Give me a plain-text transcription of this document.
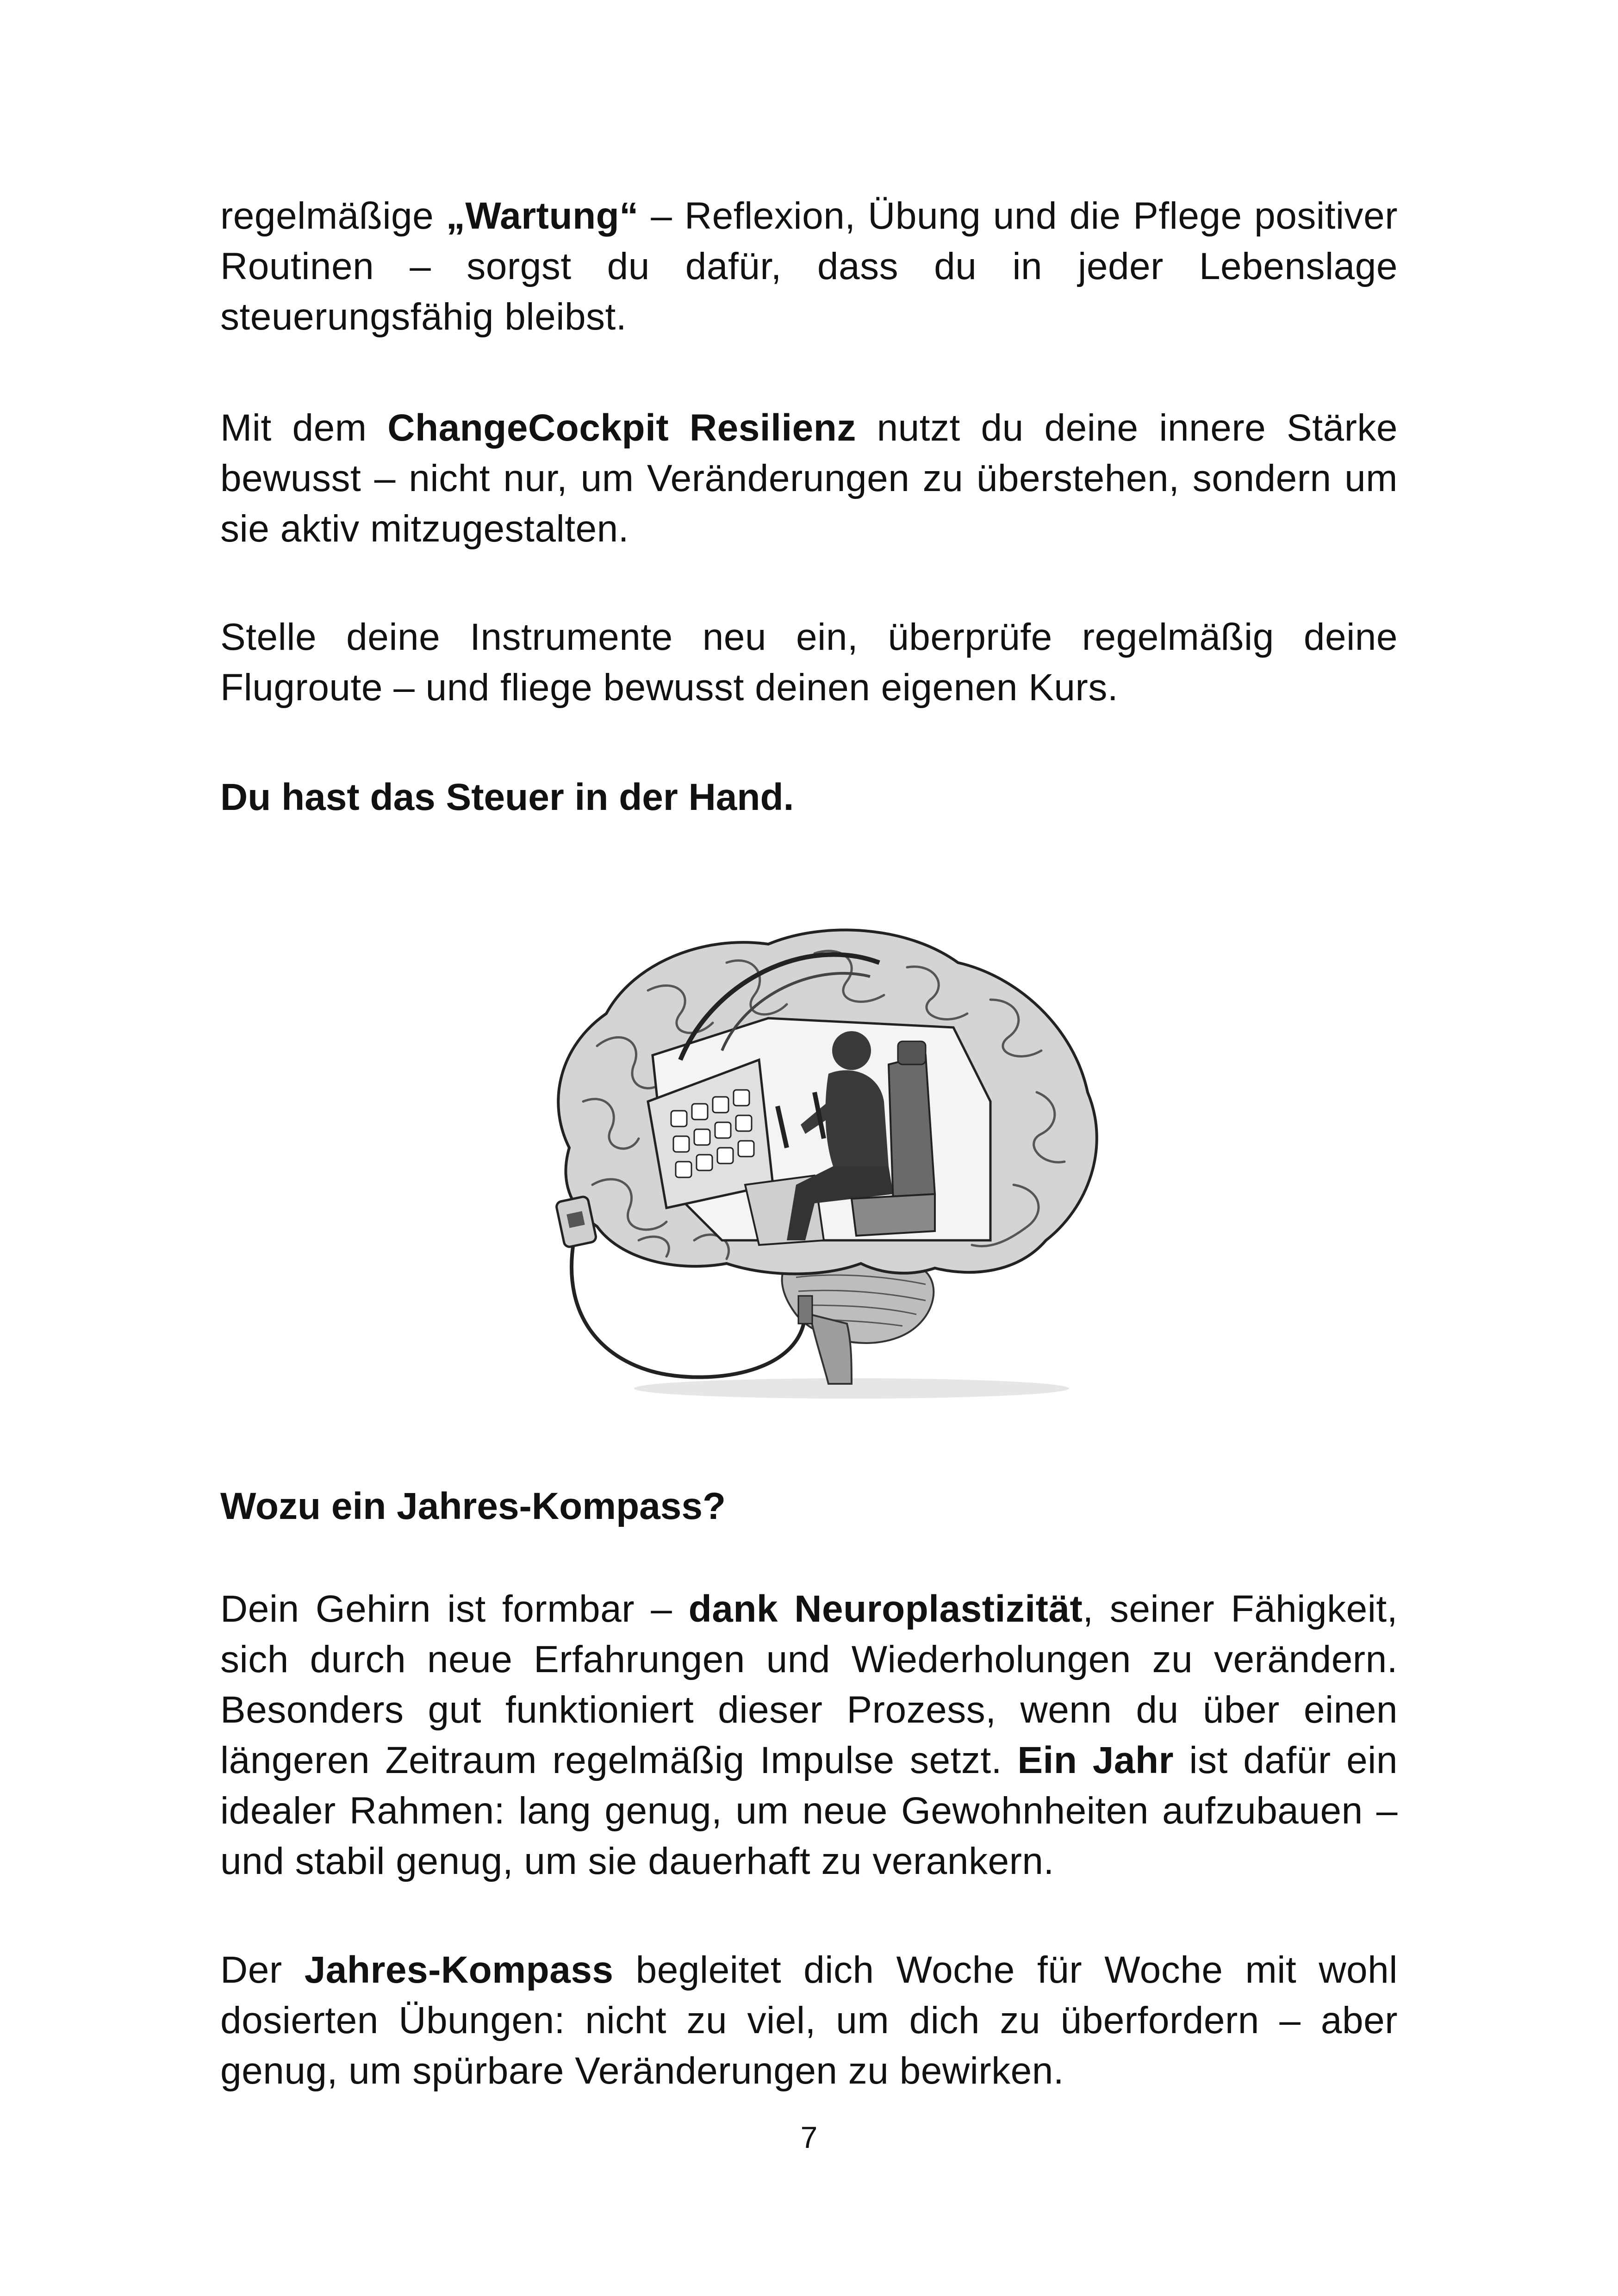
regelmäßige „Wartung“ – Reflexion, Übung und die Pflege positiver Routinen – sorgst du dafür, dass du in jeder Lebenslage steuerungsfähig bleibst.
Mit dem ChangeCockpit Resilienz nutzt du deine innere Stärke bewusst – nicht nur, um Veränderungen zu überstehen, sondern um sie aktiv mitzugestalten.
Stelle deine Instrumente neu ein, überprüfe regelmäßig deine Flugroute – und fliege bewusst deinen eigenen Kurs.
Du hast das Steuer in der Hand.
Wozu ein Jahres-Kompass?
Dein Gehirn ist formbar – dank Neuroplastizität, seiner Fähigkeit, sich durch neue Erfahrungen und Wiederholungen zu verändern. Besonders gut funktioniert dieser Prozess, wenn du über einen längeren Zeitraum regelmäßig Impulse setzt. Ein Jahr ist dafür ein idealer Rahmen: lang genug, um neue Gewohnheiten aufzubauen – und stabil genug, um sie dauerhaft zu verankern.
Der Jahres-Kompass begleitet dich Woche für Woche mit wohl dosierten Übungen: nicht zu viel, um dich zu überfordern – aber genug, um spürbare Veränderungen zu bewirken.
7
